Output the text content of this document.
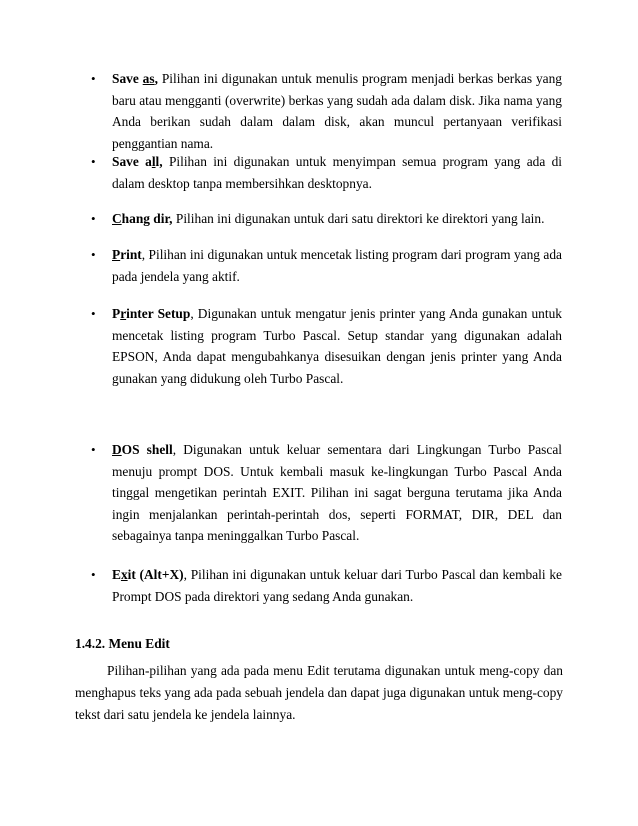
• Save as, Pilihan ini digunakan untuk menulis program menjadi berkas berkas yang baru atau mengganti (overwrite) berkas yang sudah ada dalam disk. Jika nama yang Anda berikan sudah dalam dalam disk, akan muncul pertanyaan verifikasi penggantian nama.
• Save all, Pilihan ini digunakan untuk menyimpan semua program yang ada di dalam desktop tanpa membersihkan desktopnya.
• Chang dir, Pilihan ini digunakan untuk dari satu direktori ke direktori yang lain.
• Print, Pilihan ini digunakan untuk mencetak listing program dari program yang ada pada jendela yang aktif.
• Printer Setup, Digunakan untuk mengatur jenis printer yang Anda gunakan untuk mencetak listing program Turbo Pascal. Setup standar yang digunakan adalah EPSON, Anda dapat mengubahkanya disesuikan dengan jenis printer yang Anda gunakan yang didukung oleh Turbo Pascal.
• DOS shell, Digunakan untuk keluar sementara dari Lingkungan Turbo Pascal menuju prompt DOS. Untuk kembali masuk ke-lingkungan Turbo Pascal Anda tinggal mengetikan perintah EXIT. Pilihan ini sagat berguna terutama jika Anda ingin menjalankan perintah-perintah dos, seperti FORMAT, DIR, DEL dan sebagainya tanpa meninggalkan Turbo Pascal.
• Exit (Alt+X), Pilihan ini digunakan untuk keluar dari Turbo Pascal dan kembali ke Prompt DOS pada direktori yang sedang Anda gunakan.
1.4.2. Menu Edit
Pilihan-pilihan yang ada pada menu Edit terutama digunakan untuk meng-copy dan menghapus teks yang ada pada sebuah jendela dan dapat juga digunakan untuk meng-copy tekst dari satu jendela ke jendela lainnya.
